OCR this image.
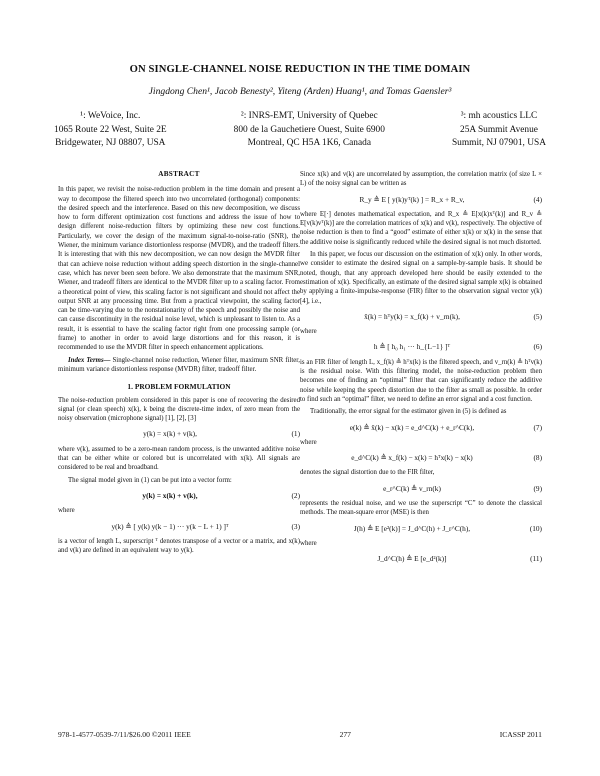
ON SINGLE-CHANNEL NOISE REDUCTION IN THE TIME DOMAIN
Jingdong Chen¹, Jacob Benesty², Yiteng (Arden) Huang¹, and Tomas Gaensler³
¹: WeVoice, Inc.
1065 Route 22 West, Suite 2E
Bridgewater, NJ 08807, USA
²: INRS-EMT, University of Quebec
800 de la Gauchetiere Ouest, Suite 6900
Montreal, QC H5A 1K6, Canada
³: mh acoustics LLC
25A Summit Avenue
Summit, NJ 07901, USA
ABSTRACT

In this paper, we revisit the noise-reduction problem in the time domain and present a way to decompose the filtered speech into two uncorrelated (orthogonal) components: the desired speech and the interference. Based on this new decomposition, we discuss how to form different optimization cost functions and address the issue of how to design different noise-reduction filters by optimizing these new cost functions. Particularly, we cover the design of the maximum signal-to-noise-ratio (SNR), the Wiener, the minimum variance distortionless response (MVDR), and the tradeoff filters. It is interesting that with this new decomposition, we can now design the MVDR filter that can achieve noise reduction without adding speech distortion in the single-channel case, which has never been seen before. We also demonstrate that the maximum SNR, Wiener, and tradeoff filters are identical to the MVDR filter up to a scaling factor. From a theoretical point of view, this scaling factor is not significant and should not affect the output SNR at any processing time. But from a practical viewpoint, the scaling factor can be time-varying due to the nonstationarity of the speech and possibly the noise and can cause discontinuity in the residual noise level, which is unpleasant to listen to. As a result, it is essential to have the scaling factor right from one processing sample (or frame) to another in order to avoid large distortions and for this reason, it is recommended to use the MVDR filter in speech enhancement applications.

Index Terms— Single-channel noise reduction, Wiener filter, maximum SNR filter, minimum variance distortionless response (MVDR) filter, tradeoff filter.

1. PROBLEM FORMULATION

The noise-reduction problem considered in this paper is one of recovering the desired signal (or clean speech) x(k), k being the discrete-time index, of zero mean from the noisy observation (microphone signal) [1], [2], [3]

y(k) = x(k) + v(k),	(1)

where v(k), assumed to be a zero-mean random process, is the unwanted additive noise that can be either white or colored but is uncorrelated with x(k). All signals are considered to be real and broadband.

The signal model given in (1) can be put into a vector form:

y(k) = x(k) + v(k),	(2)

where

y(k) ≜ [ y(k) y(k − 1) ··· y(k − L + 1) ]ᵀ	(3)

is a vector of length L, superscript ᵀ denotes transpose of a vector or a matrix, and x(k) and v(k) are defined in an equivalent way to y(k).

Since x(k) and v(k) are uncorrelated by assumption, the correlation matrix (of size L × L) of the noisy signal can be written as

R_y ≜ E [ y(k)yᵀ(k) ] = R_x + R_v,	(4)

where E[·] denotes mathematical expectation, and R_x ≜ E[x(k)xᵀ(k)] and R_v ≜ E[v(k)vᵀ(k)] are the correlation matrices of x(k) and v(k), respectively. The objective of noise reduction is then to find a “good” estimate of either x(k) or x(k) in the sense that the additive noise is significantly reduced while the desired signal is not much distorted.

In this paper, we focus our discussion on the estimation of x(k) only. In other words, we consider to estimate the desired signal on a sample-by-sample basis. It should be noted, though, that any approach developed here should be easily extended to the estimation of x(k). Specifically, an estimate of the desired signal sample x(k) is obtained by applying a finite-impulse-response (FIR) filter to the observation signal vector y(k) [4], i.e.,

x̂(k) = hᵀy(k) = x_f(k) + v_rn(k),	(5)

where

h ≜ [ h₀ h₁ ··· h_{L−1} ]ᵀ	(6)

is an FIR filter of length L, x_f(k) ≜ hᵀx(k) is the filtered speech, and v_rn(k) ≜ hᵀv(k) is the residual noise. With this filtering model, the noise-reduction problem then becomes one of finding an “optimal” filter that can significantly reduce the additive noise while keeping the speech distortion due to the filter as small as possible. In order to find such an “optimal” filter, we need to define an error signal and a cost function.

Traditionally, the error signal for the estimator given in (5) is defined as

e(k) ≜ x̂(k) − x(k) = e_d^C(k) + e_r^C(k),	(7)

where

e_d^C(k) ≜ x_f(k) − x(k) = hᵀx(k) − x(k)	(8)

denotes the signal distortion due to the FIR filter,

e_r^C(k) ≜ v_rn(k)	(9)

represents the residual noise, and we use the superscript “C” to denote the classical methods. The mean-square error (MSE) is then

J(h) ≜ E [e²(k)] = J_d^C(h) + J_r^C(h),	(10)

where

J_d^C(h) ≜ E [e_d²(k)]	(11)
978-1-4577-0539-7/11/$26.00 ©2011 IEEE	277	ICASSP 2011
